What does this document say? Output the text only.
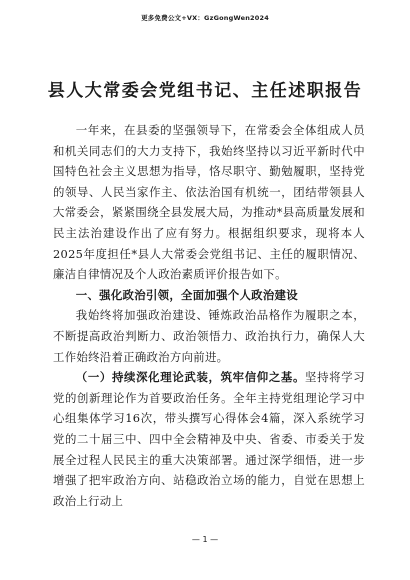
更多免费公文+VX：GzGongWen2024
县人大常委会党组书记、主任述职报告

一年来，在县委的坚强领导下，在常委会全体组成人员和机关同志们的大力支持下，我始终坚持以习近平新时代中国特色社会主义思想为指导，恪尽职守、勤勉履职，坚持党的领导、人民当家作主、依法治国有机统一，团结带领县人大常委会，紧紧围绕全县发展大局，为推动*县高质量发展和民主法治建设作出了应有努力。根据组织要求，现将本人2025年度担任*县人大常委会党组书记、主任的履职情况、廉洁自律情况及个人政治素质评价报告如下。

一、强化政治引领，全面加强个人政治建设

我始终将加强政治建设、锤炼政治品格作为履职之本，不断提高政治判断力、政治领悟力、政治执行力，确保人大工作始终沿着正确政治方向前进。

（一）持续深化理论武装，筑牢信仰之基。坚持将学习党的创新理论作为首要政治任务。全年主持党组理论学习中心组集体学习16次，带头撰写心得体会4篇，深入系统学习党的二十届三中、四中全会精神及中央、省委、市委关于发展全过程人民民主的重大决策部署。通过深学细悟，进一步增强了把牢政治方向、站稳政治立场的能力，自觉在思想上政治上行动上

— 1 —
